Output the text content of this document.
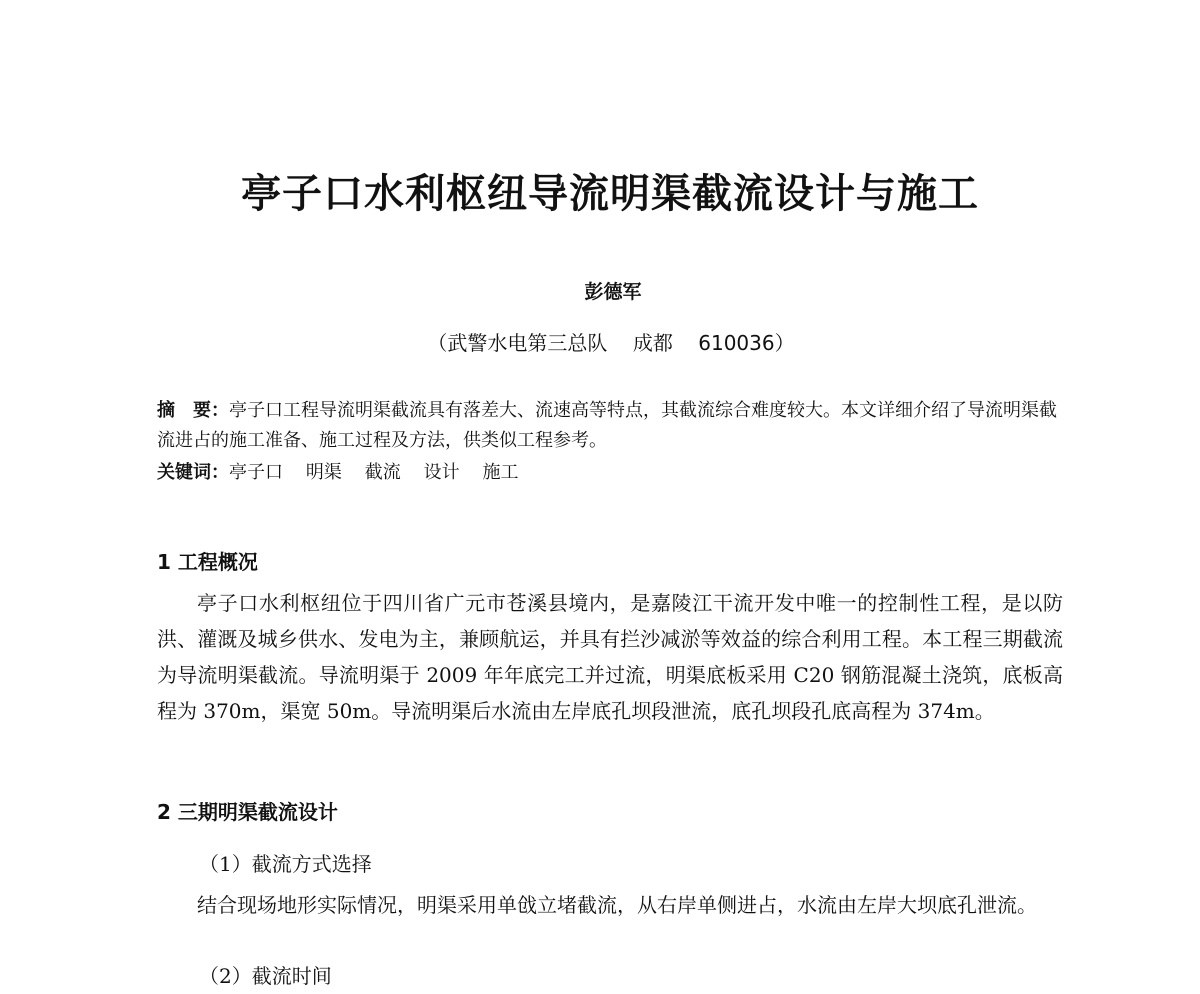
亭子口水利枢纽导流明渠截流设计与施工
彭德军
（武警水电第三总队    成都    610036）
摘　要：亭子口工程导流明渠截流具有落差大、流速高等特点，其截流综合难度较大。本文详细介绍了导流明渠截流进占的施工准备、施工过程及方法，供类似工程参考。
关键词：亭子口    明渠    截流    设计    施工
1 工程概况
亭子口水利枢纽位于四川省广元市苍溪县境内，是嘉陵江干流开发中唯一的控制性工程，是以防洪、灌溉及城乡供水、发电为主，兼顾航运，并具有拦沙减淤等效益的综合利用工程。本工程三期截流为导流明渠截流。导流明渠于 2009 年年底完工并过流，明渠底板采用 C20 钢筋混凝土浇筑，底板高程为 370m，渠宽 50m。导流明渠后水流由左岸底孔坝段泄流，底孔坝段孔底高程为 374m。
2 三期明渠截流设计
（1）截流方式选择
结合现场地形实际情况，明渠采用单戗立堵截流，从右岸单侧进占，水流由左岸大坝底孔泄流。
（2）截流时间
